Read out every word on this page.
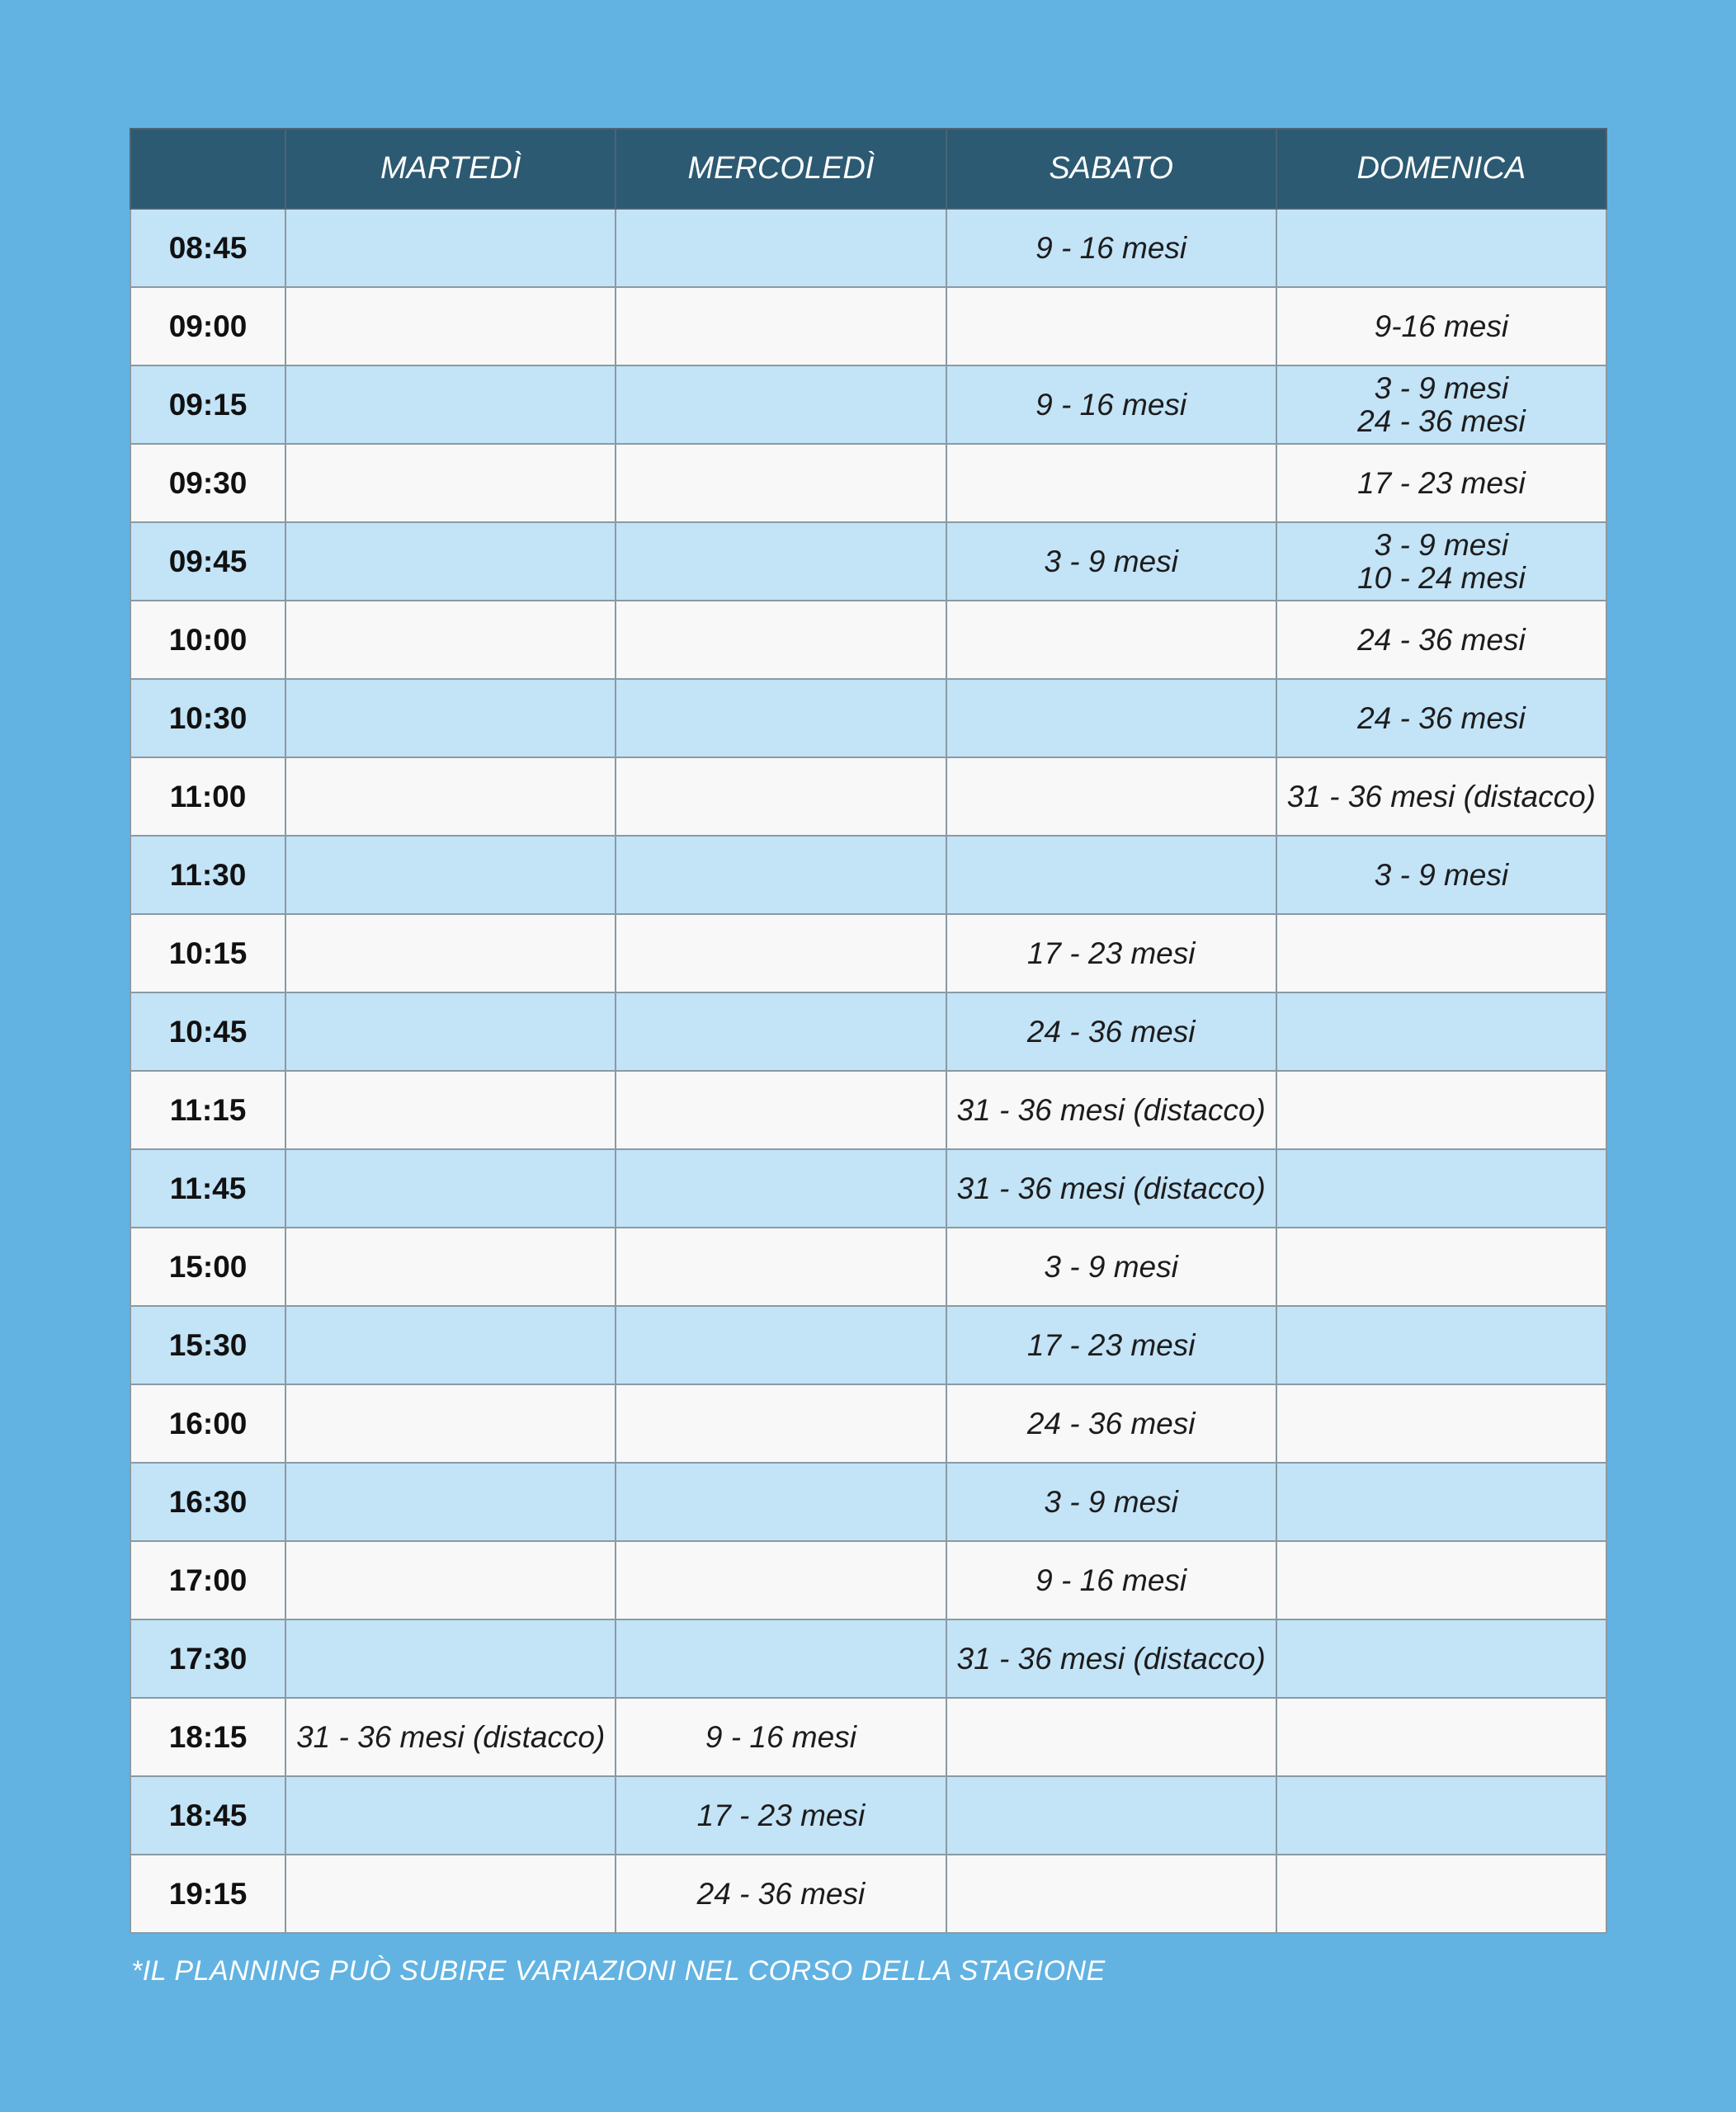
	MARTEDÌ	MERCOLEDÌ	SABATO	DOMENICA
08:45			9 - 16 mesi	

09:00				9-16 mesi

09:15			9 - 16 mesi	3 - 9 mesi
24 - 36 mesi

09:30				17 - 23 mesi

09:45			3 - 9 mesi	3 - 9 mesi
10 - 24 mesi

10:00				24 - 36 mesi

10:30				24 - 36 mesi

11:00				31 - 36 mesi (distacco)

11:30				3 - 9 mesi

10:15			17 - 23 mesi	

10:45			24 - 36 mesi	

11:15			31 - 36 mesi (distacco)	

11:45			31 - 36 mesi (distacco)	

15:00			3 - 9 mesi	

15:30			17 - 23 mesi	

16:00			24 - 36 mesi	

16:30			3 - 9 mesi	

17:00			9 - 16 mesi	

17:30			31 - 36 mesi (distacco)	

18:15	31 - 36 mesi (distacco)	9 - 16 mesi		

18:45		17 - 23 mesi		

19:15		24 - 36 mesi		

*IL PLANNING PUÒ SUBIRE VARIAZIONI NEL CORSO DELLA STAGIONE
